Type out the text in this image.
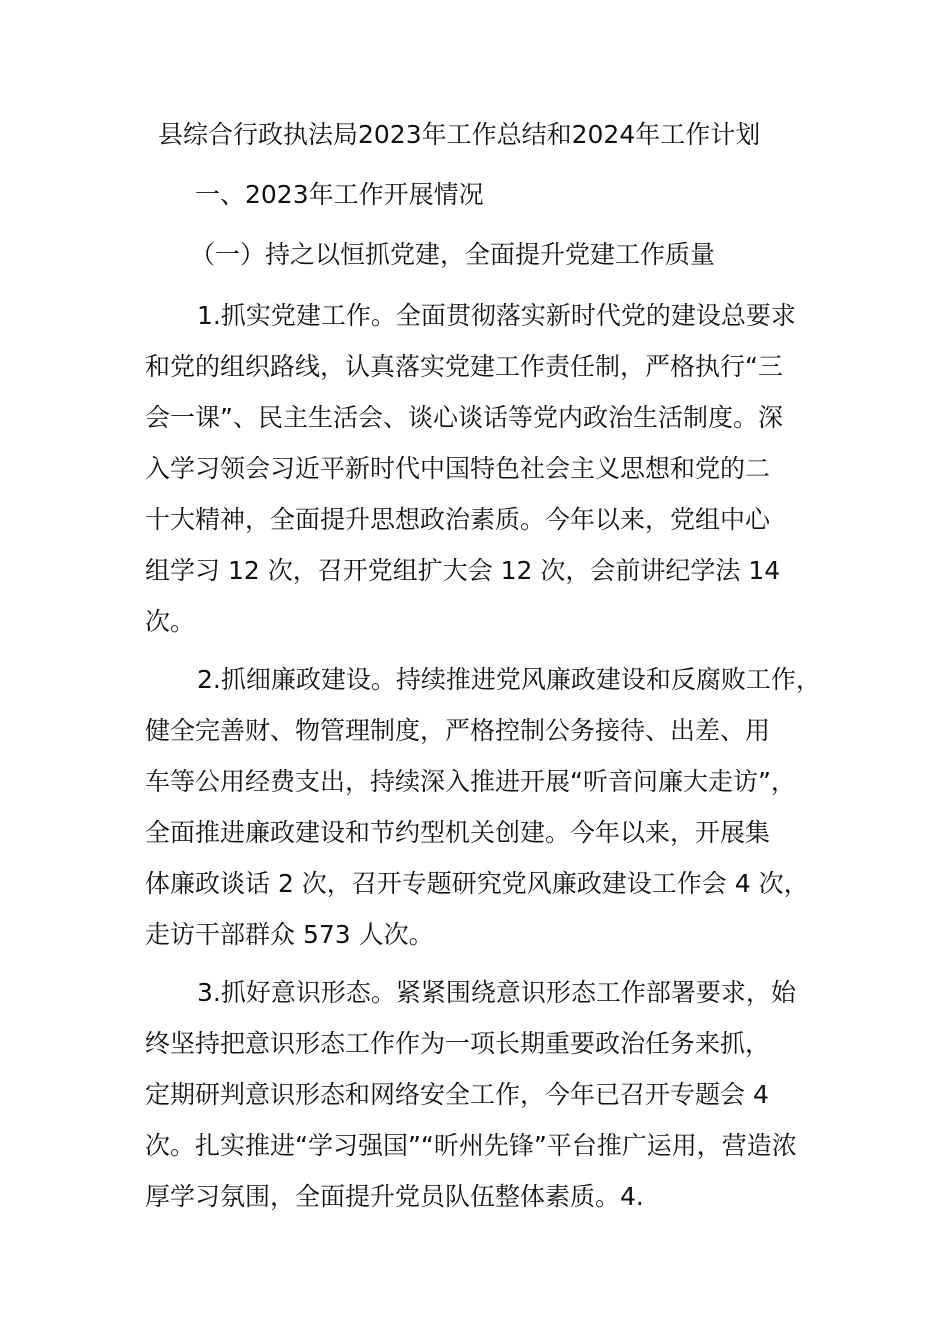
县综合行政执法局2023年工作总结和2024年工作计划
一、2023年工作开展情况
（一）持之以恒抓党建，全面提升党建工作质量
1.抓实党建工作。全面贯彻落实新时代党的建设总要求
和党的组织路线，认真落实党建工作责任制，严格执行“三
会一课”、民主生活会、谈心谈话等党内政治生活制度。深
入学习领会习近平新时代中国特色社会主义思想和党的二
十大精神，全面提升思想政治素质。今年以来，党组中心
组学习 12 次，召开党组扩大会 12 次，会前讲纪学法 14
次。
2.抓细廉政建设。持续推进党风廉政建设和反腐败工作，
健全完善财、物管理制度，严格控制公务接待、出差、用
车等公用经费支出，持续深入推进开展“听音问廉大走访”，
全面推进廉政建设和节约型机关创建。今年以来，开展集
体廉政谈话 2 次，召开专题研究党风廉政建设工作会 4 次，
走访干部群众 573 人次。
3.抓好意识形态。紧紧围绕意识形态工作部署要求，始
终坚持把意识形态工作作为一项长期重要政治任务来抓，
定期研判意识形态和网络安全工作，今年已召开专题会 4
次。扎实推进“学习强国”“昕州先锋”平台推广运用，营造浓
厚学习氛围，全面提升党员队伍整体素质。4.
